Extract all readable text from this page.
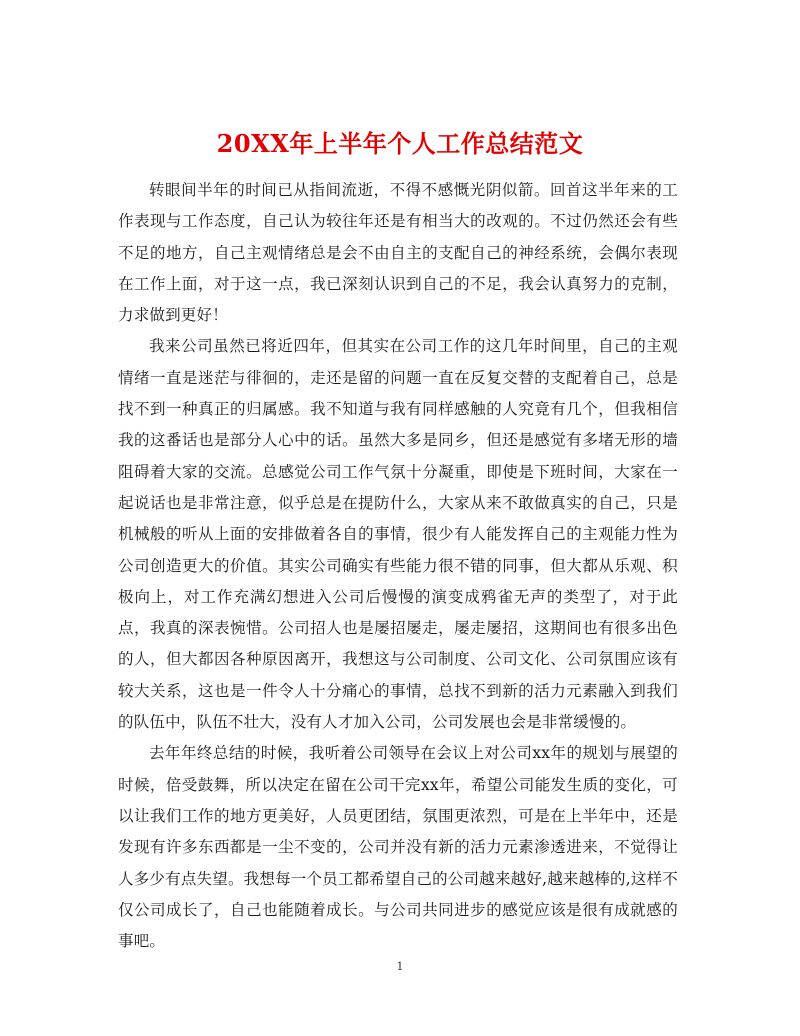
20XX年上半年个人工作总结范文

转眼间半年的时间已从指间流逝，不得不感慨光阴似箭。回首这半年来的工作表现与工作态度，自己认为较往年还是有相当大的改观的。不过仍然还会有些不足的地方，自己主观情绪总是会不由自主的支配自己的神经系统，会偶尔表现在工作上面，对于这一点，我已深刻认识到自己的不足，我会认真努力的克制，力求做到更好！

我来公司虽然已将近四年，但其实在公司工作的这几年时间里，自己的主观情绪一直是迷茫与徘徊的，走还是留的问题一直在反复交替的支配着自己，总是找不到一种真正的归属感。我不知道与我有同样感触的人究竟有几个，但我相信我的这番话也是部分人心中的话。虽然大多是同乡，但还是感觉有多堵无形的墙阻碍着大家的交流。总感觉公司工作气氛十分凝重，即使是下班时间，大家在一起说话也是非常注意，似乎总是在提防什么，大家从来不敢做真实的自己，只是机械般的听从上面的安排做着各自的事情，很少有人能发挥自己的主观能力性为公司创造更大的价值。其实公司确实有些能力很不错的同事，但大都从乐观、积极向上，对工作充满幻想进入公司后慢慢的演变成鸦雀无声的类型了，对于此点，我真的深表惋惜。公司招人也是屡招屡走，屡走屡招，这期间也有很多出色的人，但大都因各种原因离开，我想这与公司制度、公司文化、公司氛围应该有较大关系，这也是一件令人十分痛心的事情，总找不到新的活力元素融入到我们的队伍中，队伍不壮大，没有人才加入公司，公司发展也会是非常缓慢的。

去年年终总结的时候，我听着公司领导在会议上对公司xx年的规划与展望的时候，倍受鼓舞，所以决定在留在公司干完xx年，希望公司能发生质的变化，可以让我们工作的地方更美好，人员更团结，氛围更浓烈，可是在上半年中，还是发现有许多东西都是一尘不变的，公司并没有新的活力元素渗透进来，不觉得让人多少有点失望。我想每一个员工都希望自己的公司越来越好,越来越棒的,这样不仅公司成长了，自己也能随着成长。与公司共同进步的感觉应该是很有成就感的事吧。

1
